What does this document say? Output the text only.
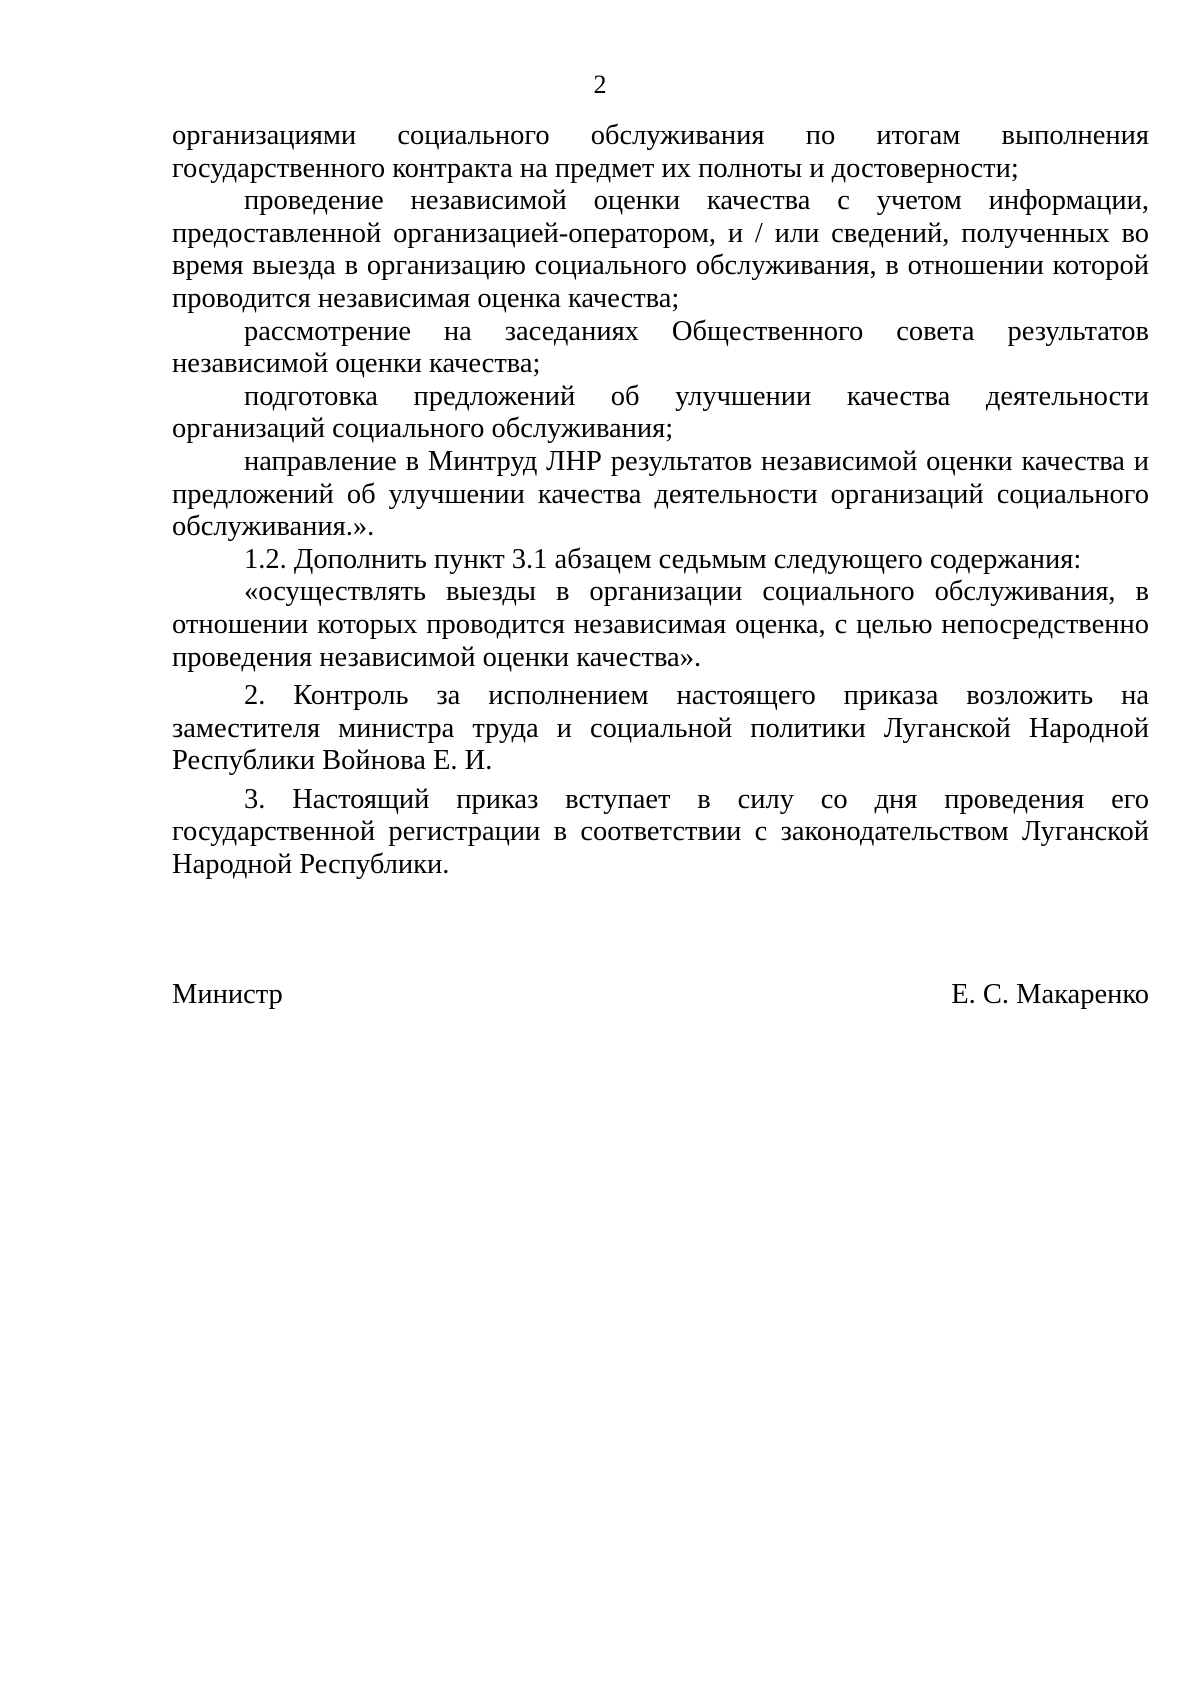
2

организациями социального обслуживания по итогам выполнения государственного контракта на предмет их полноты и достоверности;

проведение независимой оценки качества с учетом информации, предоставленной организацией-оператором, и / или сведений, полученных во время выезда в организацию социального обслуживания, в отношении которой проводится независимая оценка качества;

рассмотрение на заседаниях Общественного совета результатов независимой оценки качества;

подготовка предложений об улучшении качества деятельности организаций социального обслуживания;

направление в Минтруд ЛНР результатов независимой оценки качества и предложений об улучшении качества деятельности организаций социального обслуживания.».

1.2. Дополнить пункт 3.1 абзацем седьмым следующего содержания:

«осуществлять выезды в организации социального обслуживания, в отношении которых проводится независимая оценка, с целью непосредственно проведения независимой оценки качества».

2. Контроль за исполнением настоящего приказа возложить на заместителя министра труда и социальной политики Луганской Народной Республики Войнова Е. И.

3. Настоящий приказ вступает в силу со дня проведения его государственной регистрации в соответствии с законодательством Луганской Народной Республики.

Министр	Е. С. Макаренко
